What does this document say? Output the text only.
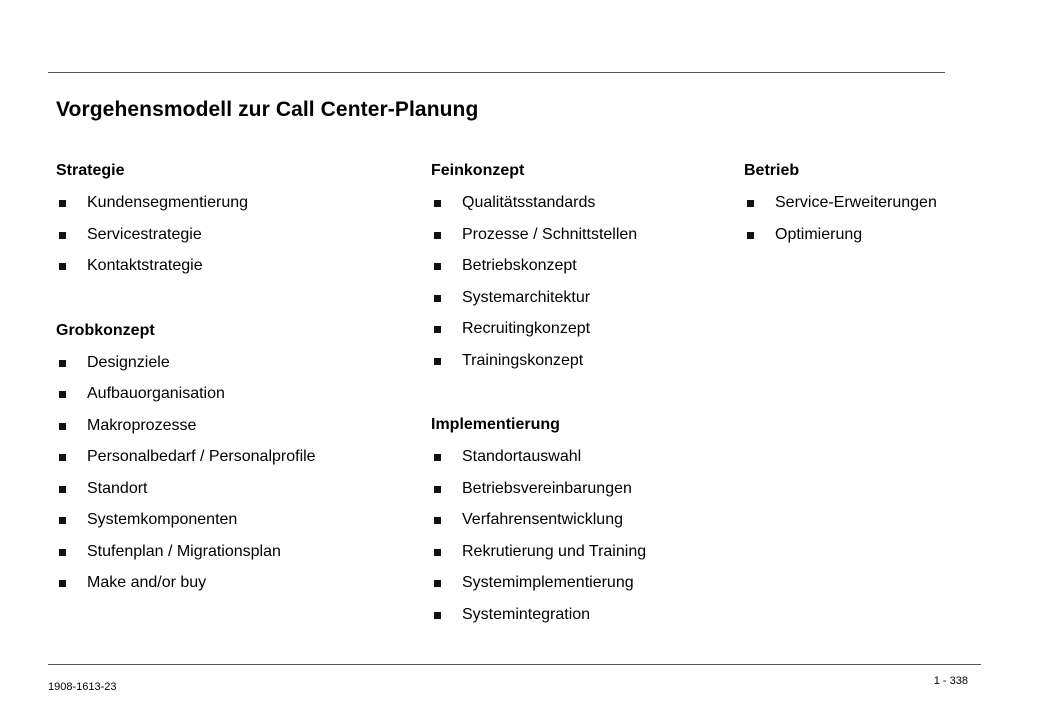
Vorgehensmodell zur Call Center-Planung
Strategie
Kundensegmentierung
Servicestrategie
Kontaktstrategie
Grobkonzept
Designziele
Aufbauorganisation
Makroprozesse
Personalbedarf / Personalprofile
Standort
Systemkomponenten
Stufenplan / Migrationsplan
Make and/or buy
Feinkonzept
Qualitätsstandards
Prozesse / Schnittstellen
Betriebskonzept
Systemarchitektur
Recruitingkonzept
Trainingskonzept
Implementierung
Standortauswahl
Betriebsvereinbarungen
Verfahrensentwicklung
Rekrutierung und Training
Systemimplementierung
Systemintegration
Betrieb
Service-Erweiterungen
Optimierung
1908-1613-23	1 - 338
